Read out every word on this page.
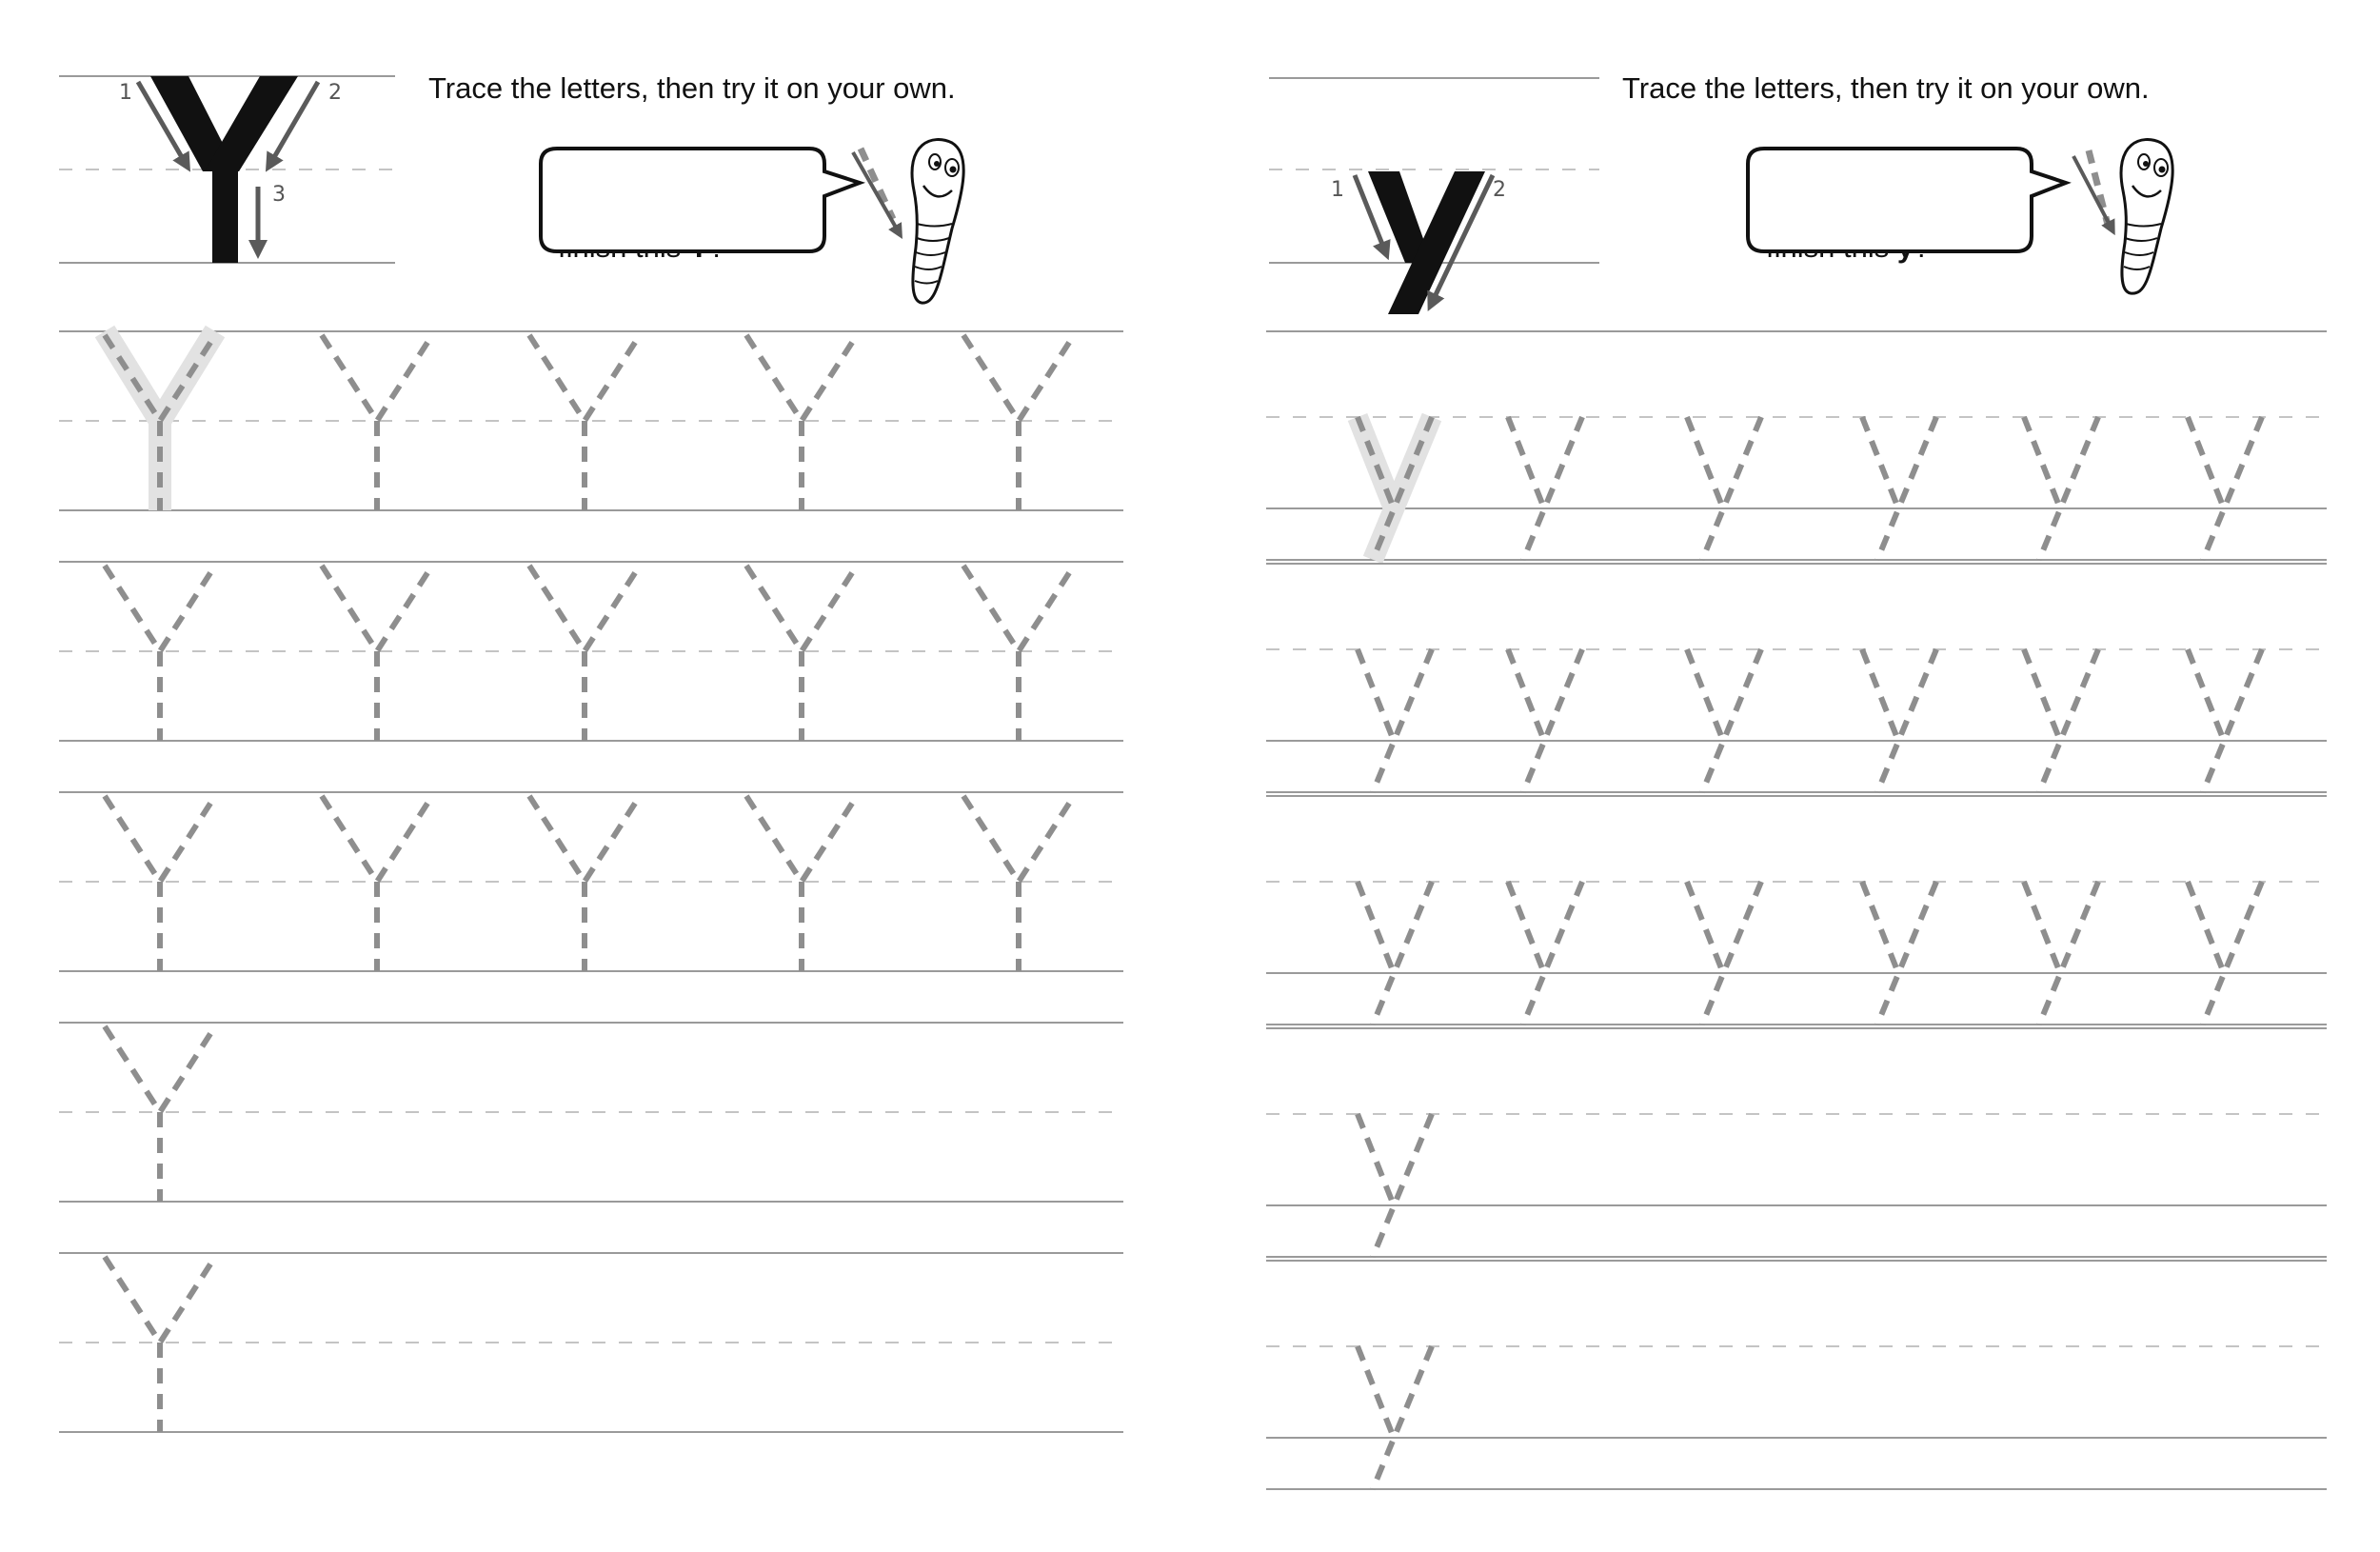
Trace the letters, then try it on your own.	Trace the letters, then try it on your own.

1	2
3	1	2
